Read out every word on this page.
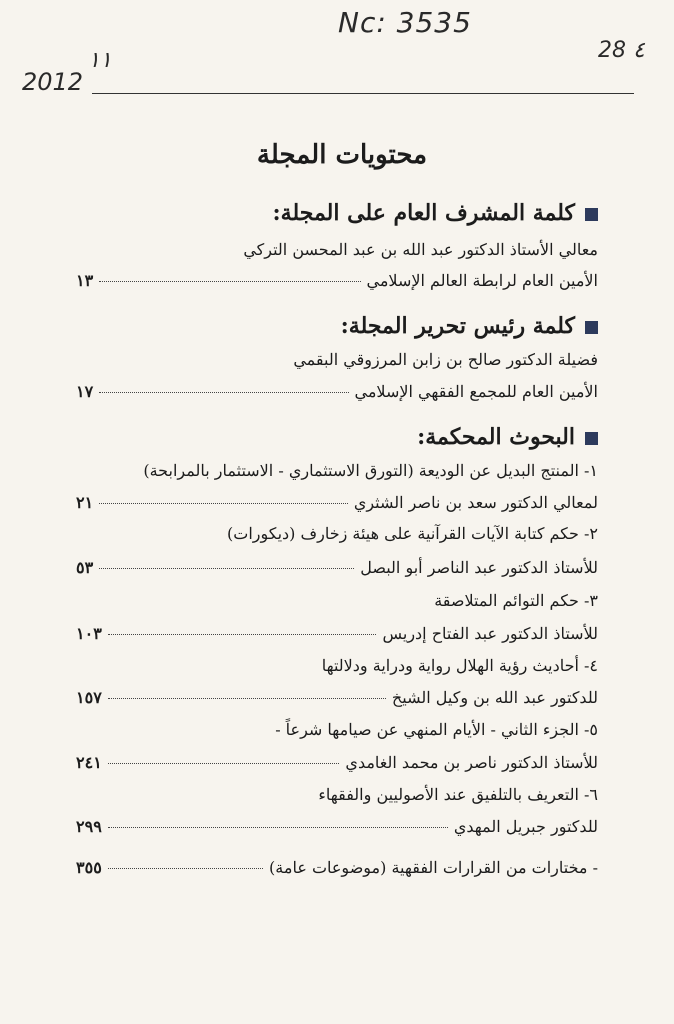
Nc: 3535
١١
2012
28 ٤
محتويات المجلة
كلمة المشرف العام على المجلة:
معالي الأستاذ الدكتور عبد الله بن عبد المحسن التركي
الأمين العام لرابطة العالم الإسلامي
١٣
كلمة رئيس تحرير المجلة:
فضيلة الدكتور صالح بن زابن المرزوقي البقمي
الأمين العام للمجمع الفقهي الإسلامي
١٧
البحوث المحكمة:
١- المنتج البديل عن الوديعة (التورق الاستثماري - الاستثمار بالمرابحة)
لمعالي الدكتور سعد بن ناصر الشثري
٢١
٢- حكم كتابة الآيات القرآنية على هيئة زخارف (ديكورات)
للأستاذ الدكتور عبد الناصر أبو البصل
٥٣
٣- حكم التوائم المتلاصقة
للأستاذ الدكتور عبد الفتاح إدريس
١٠٣
٤- أحاديث رؤية الهلال رواية ودراية ودلالتها
للدكتور عبد الله بن وكيل الشيخ
١٥٧
٥- الجزء الثاني - الأيام المنهي عن صيامها شرعاً -
للأستاذ الدكتور ناصر بن محمد الغامدي
٢٤١
٦- التعريف بالتلفيق عند الأصوليين والفقهاء
للدكتور جبريل المهدي
٢٩٩
- مختارات من القرارات الفقهية (موضوعات عامة)
٣٥٥
